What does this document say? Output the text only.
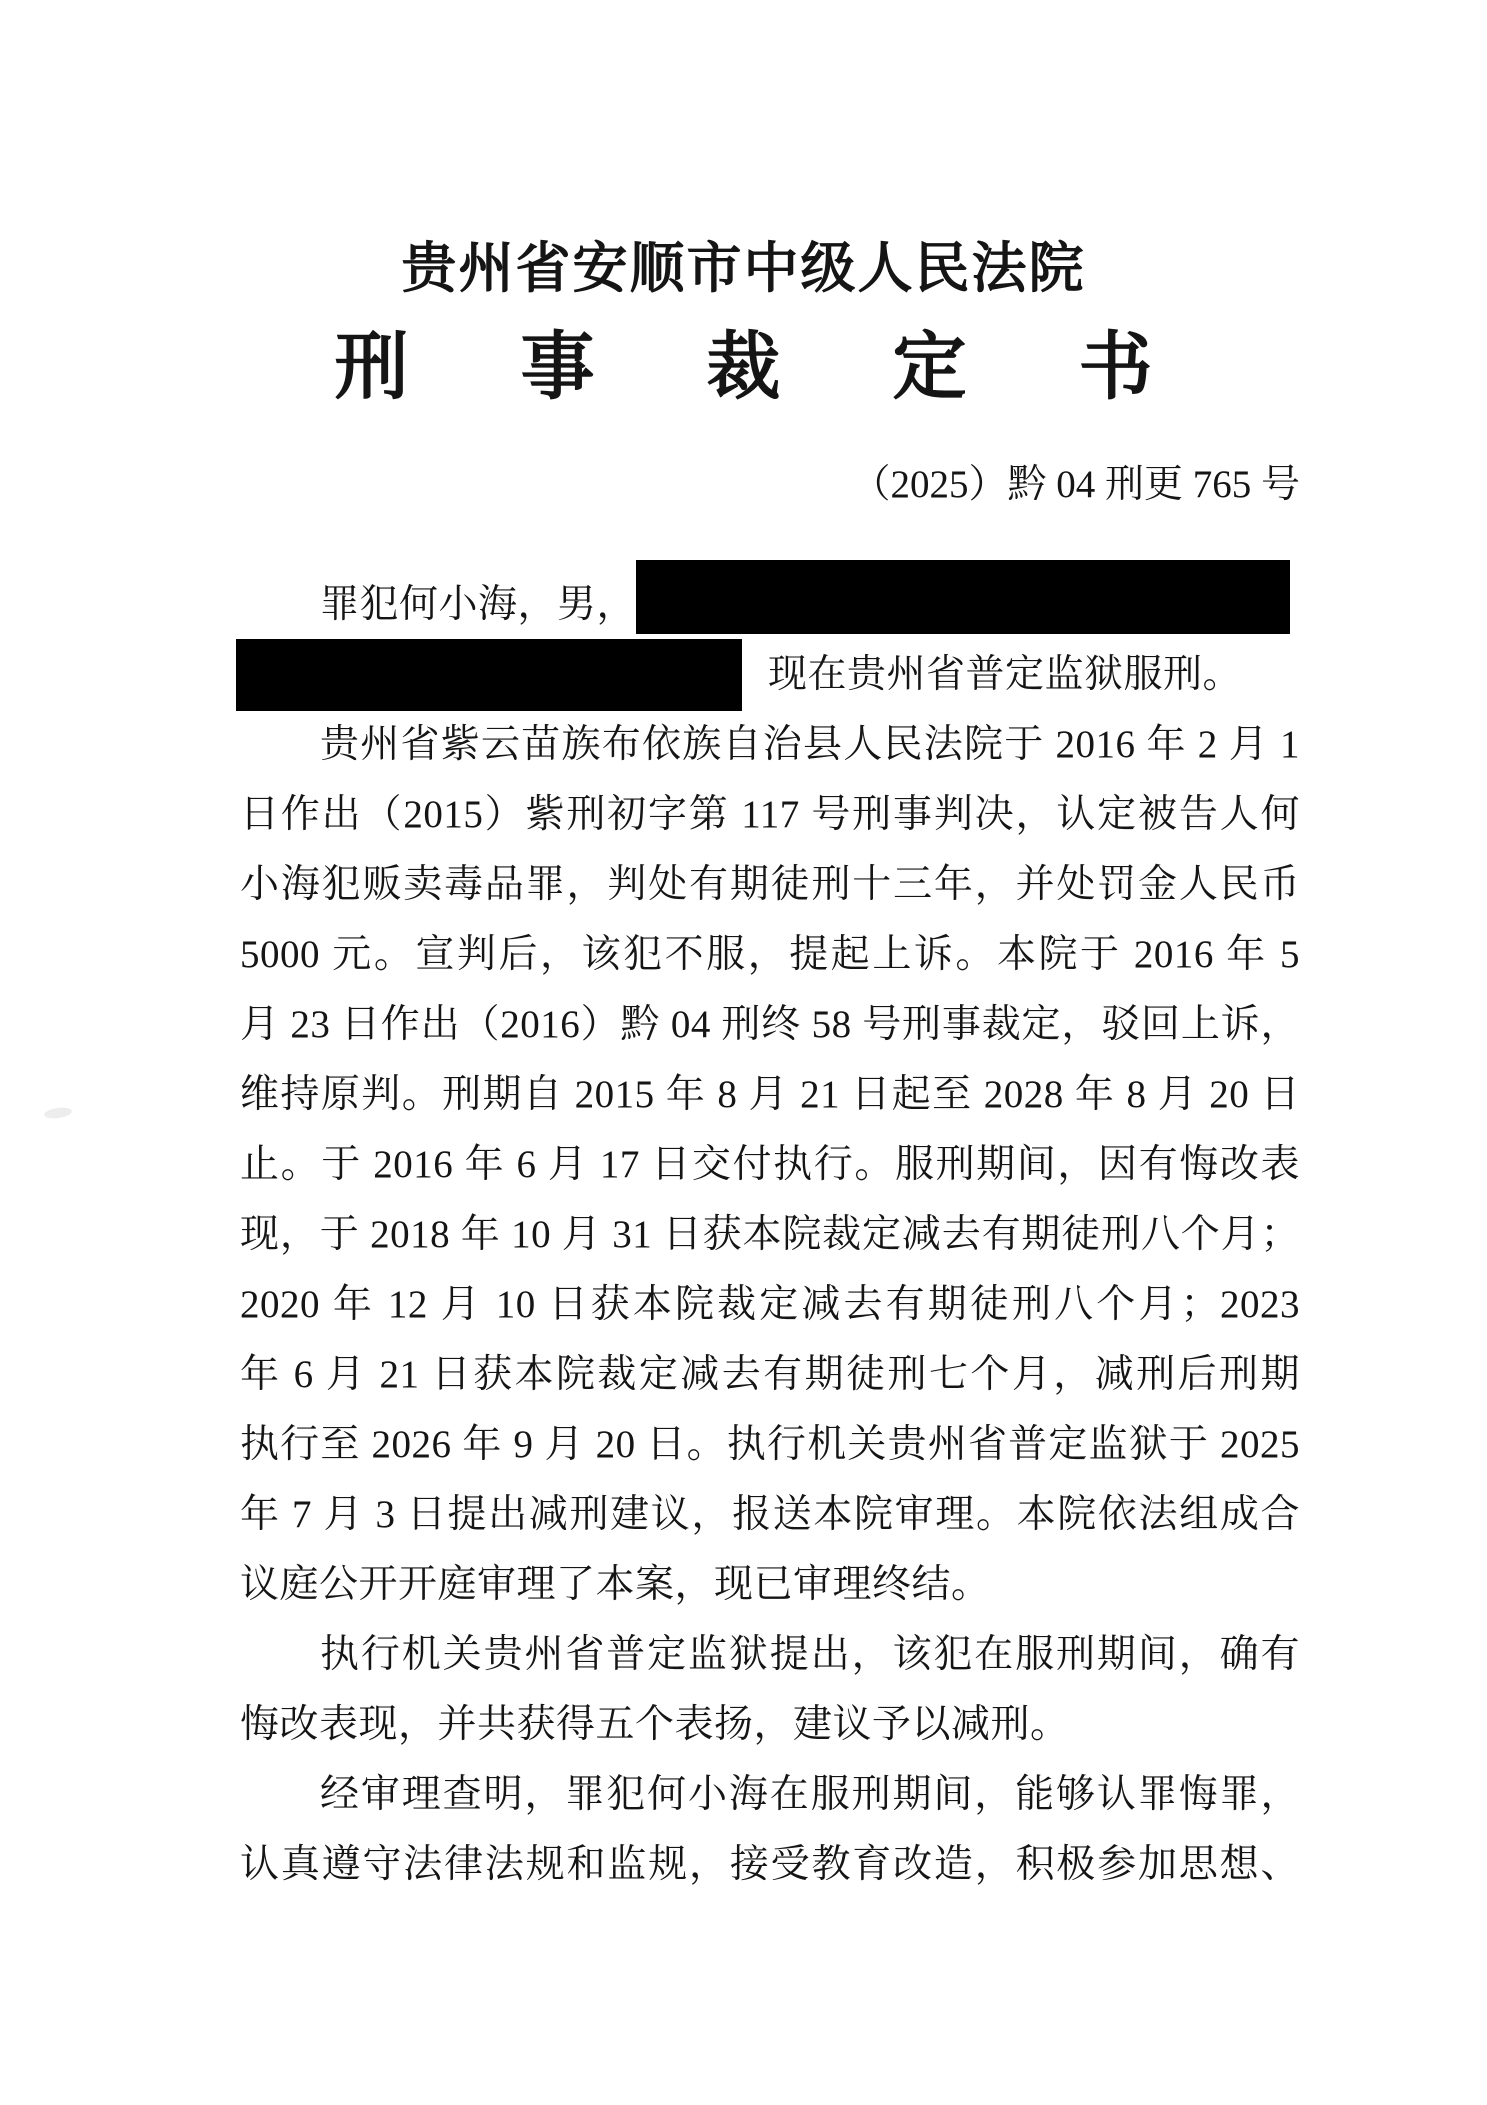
贵州省安顺市中级人民法院
刑事裁定书
（2025）黔 04 刑更 765 号
罪犯何小海，男，
现在贵州省普定监狱服刑。
贵州省紫云苗族布依族自治县人民法院于 2016 年 2 月 1
日作出（2015）紫刑初字第 117 号刑事判决，认定被告人何
小海犯贩卖毒品罪，判处有期徒刑十三年，并处罚金人民币
5000 元。宣判后，该犯不服，提起上诉。本院于 2016 年 5
月 23 日作出（2016）黔 04 刑终 58 号刑事裁定，驳回上诉，
维持原判。刑期自 2015 年 8 月 21 日起至 2028 年 8 月 20 日
止。于 2016 年 6 月 17 日交付执行。服刑期间，因有悔改表
现，于 2018 年 10 月 31 日获本院裁定减去有期徒刑八个月；
2020 年 12 月 10 日获本院裁定减去有期徒刑八个月；2023
年 6 月 21 日获本院裁定减去有期徒刑七个月，减刑后刑期
执行至 2026 年 9 月 20 日。执行机关贵州省普定监狱于 2025
年 7 月 3 日提出减刑建议，报送本院审理。本院依法组成合
议庭公开开庭审理了本案，现已审理终结。
执行机关贵州省普定监狱提出，该犯在服刑期间，确有
悔改表现，并共获得五个表扬，建议予以减刑。
经审理查明，罪犯何小海在服刑期间，能够认罪悔罪，
认真遵守法律法规和监规，接受教育改造，积极参加思想、
